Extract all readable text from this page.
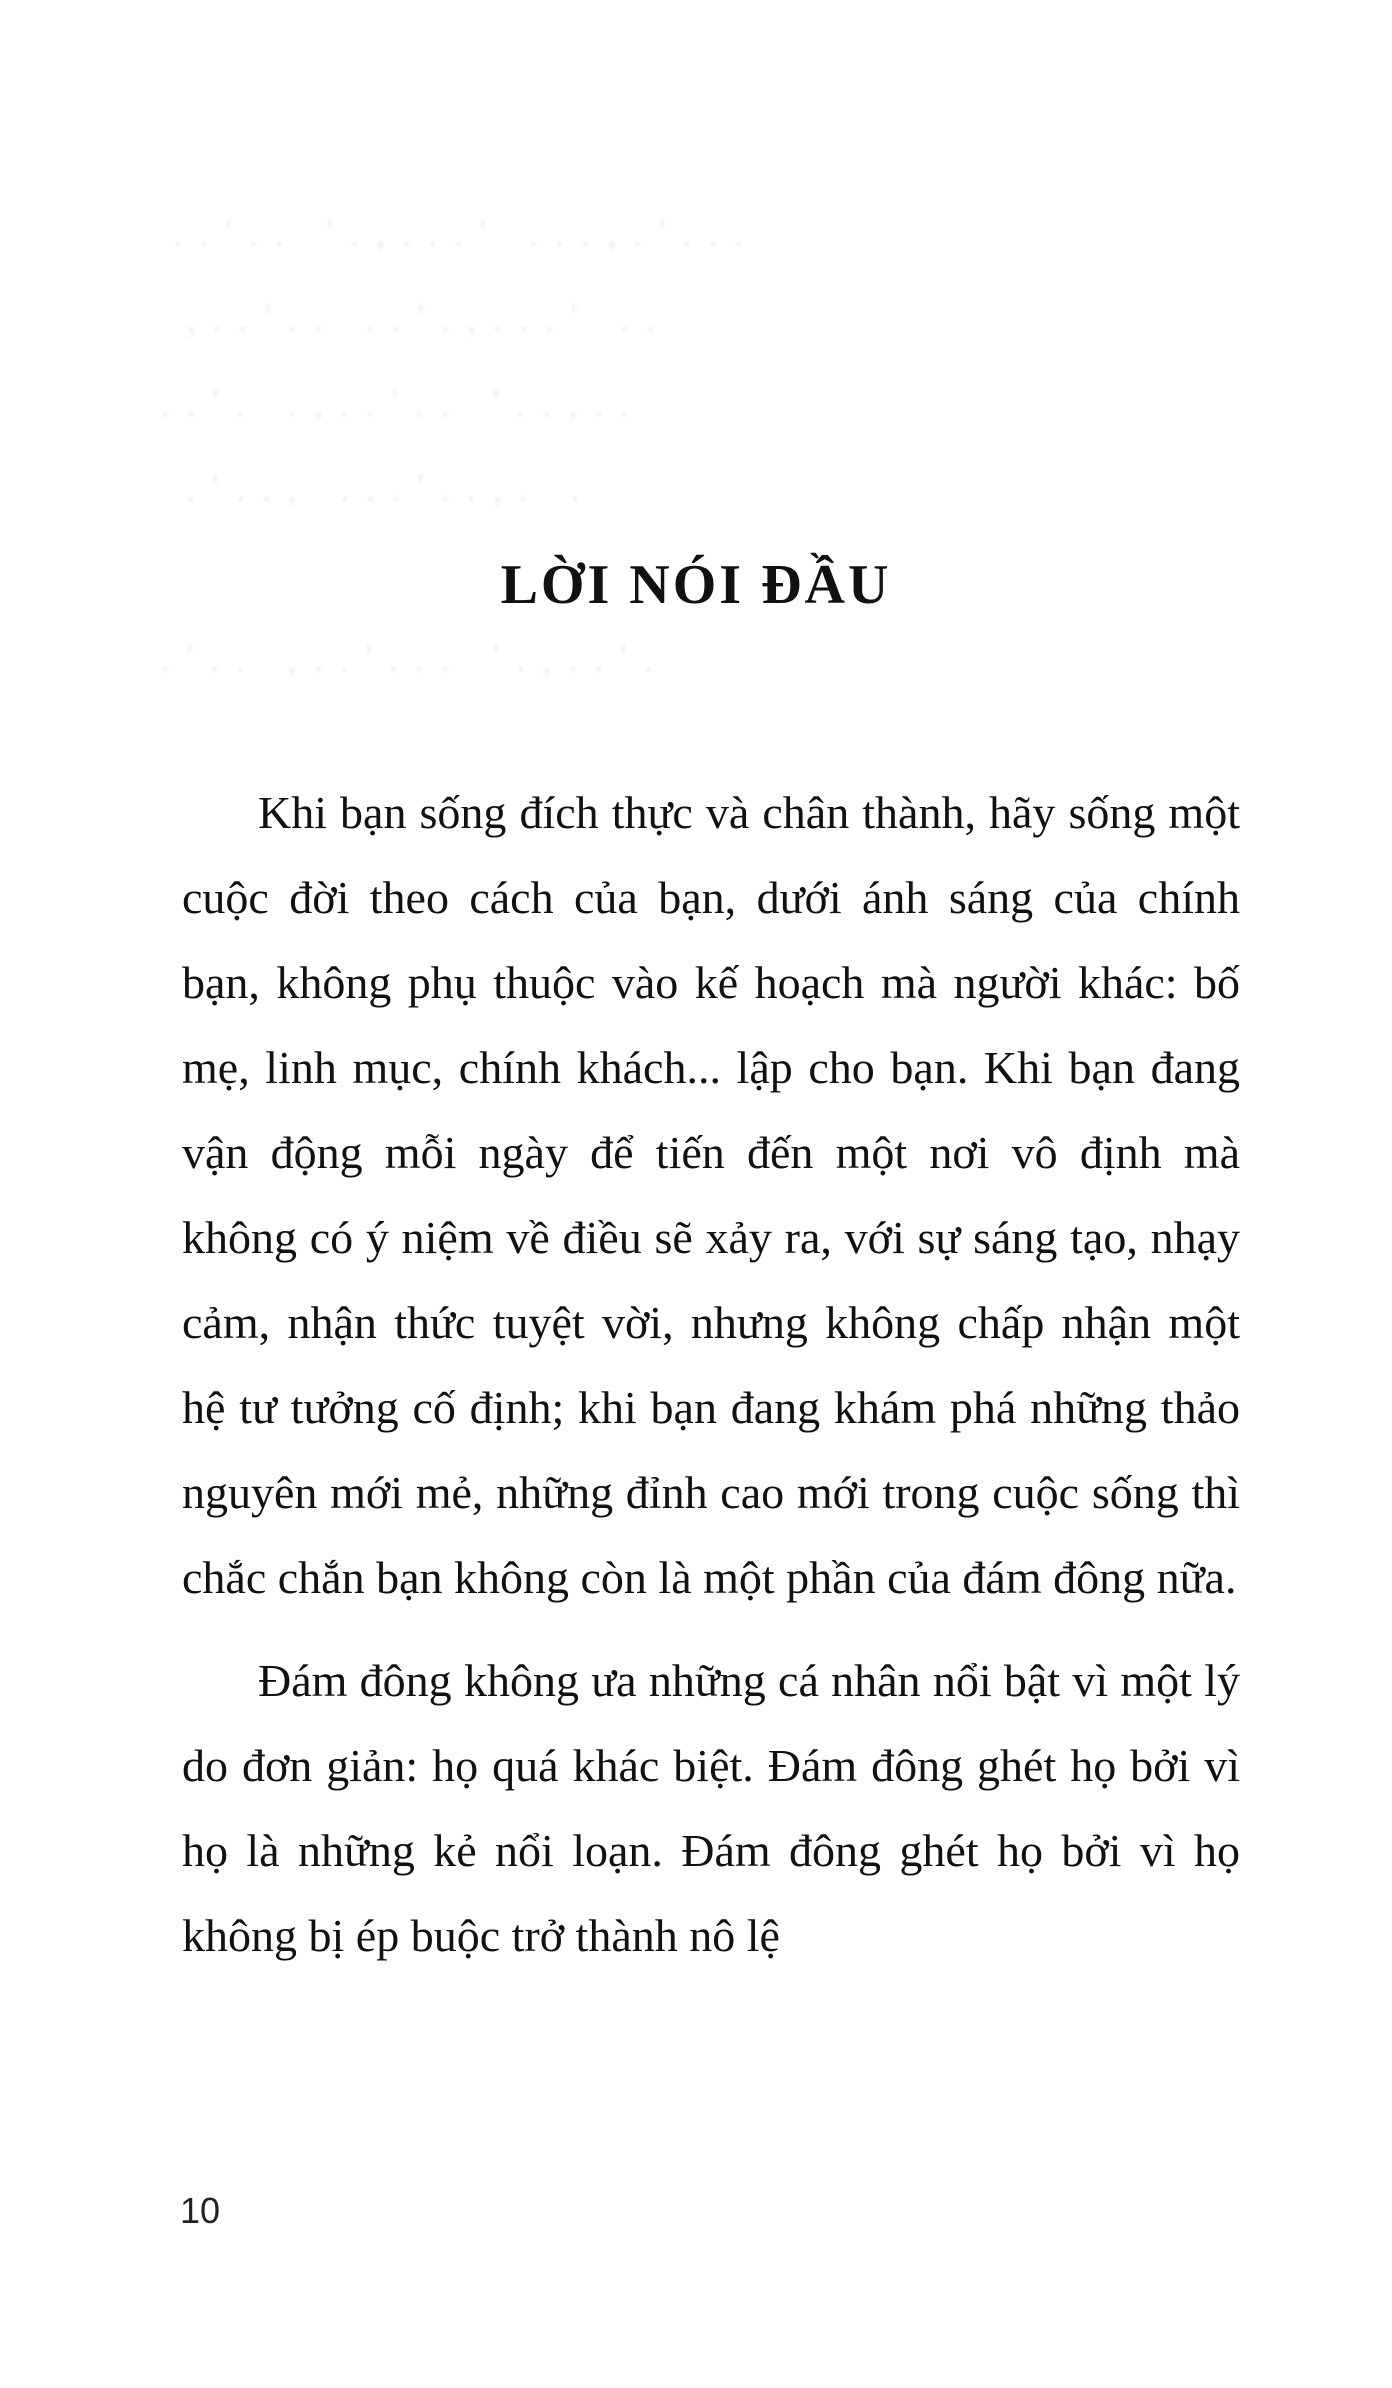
. . ' . .   ' . , . . . '   . . . , . ' . . .
, . . ' . .   . . ' . , . . . '   . .
. . ' .   . , . . ' . .   ' . . , . .
. ' . . ,   . . . ' . . , .   .

. ' . .   , . . ' . . .   ' . , . . ' .
LỜI NÓI ĐẦU

Khi bạn sống đích thực và chân thành, hãy sống một cuộc đời theo cách của bạn, dưới ánh sáng của chính bạn, không phụ thuộc vào kế hoạch mà người khác: bố mẹ, linh mục, chính khách... lập cho bạn. Khi bạn đang vận động mỗi ngày để tiến đến một nơi vô định mà không có ý niệm về điều sẽ xảy ra, với sự sáng tạo, nhạy cảm, nhận thức tuyệt vời, nhưng không chấp nhận một hệ tư tưởng cố định; khi bạn đang khám phá những thảo nguyên mới mẻ, những đỉnh cao mới trong cuộc sống thì chắc chắn bạn không còn là một phần của đám đông nữa.

Đám đông không ưa những cá nhân nổi bật vì một lý do đơn giản: họ quá khác biệt. Đám đông ghét họ bởi vì họ là những kẻ nổi loạn. Đám đông ghét họ bởi vì họ không bị ép buộc trở thành nô lệ

10
